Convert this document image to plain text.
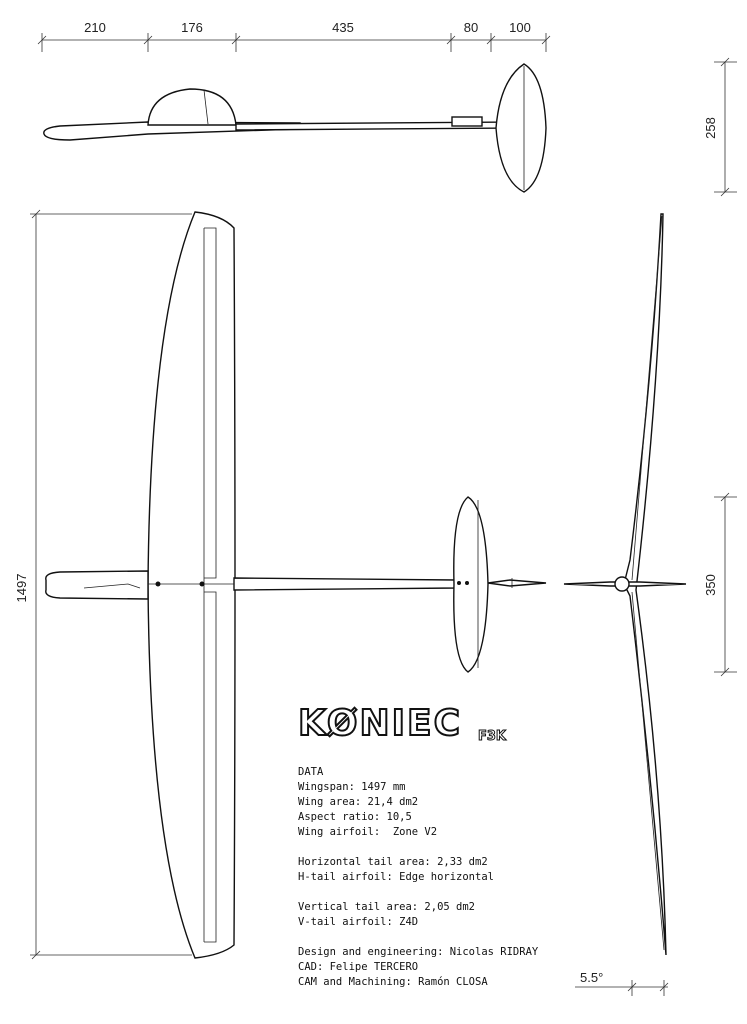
210	176	435	80 100
258
1497	350
5.5°
KØNIEC F3K
DATA
Wingspan: 1497 mm
Wing area: 21,4 dm2
Aspect ratio: 10,5
Wing airfoil:  Zone V2
Horizontal tail area: 2,33 dm2
H-tail airfoil: Edge horizontal
Vertical tail area: 2,05 dm2
V-tail airfoil: Z4D
Design and engineering: Nicolas RIDRAY
CAD: Felipe TERCERO
CAM and Machining: Ramón CLOSA
